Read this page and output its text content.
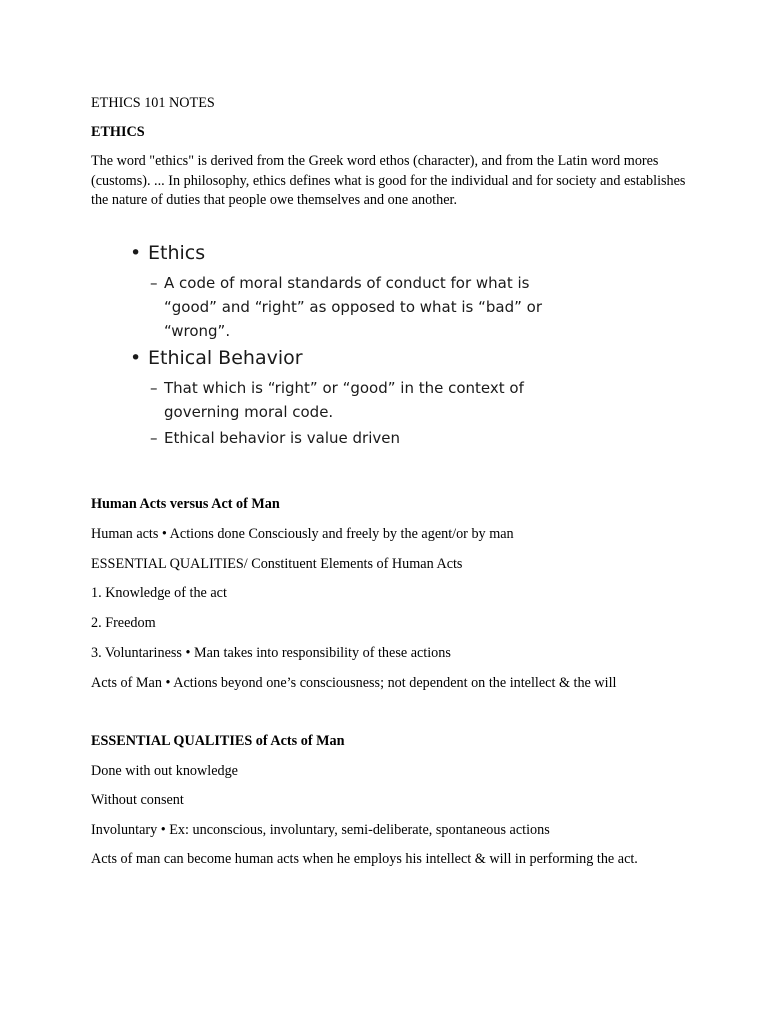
ETHICS 101 NOTES
ETHICS
The word "ethics" is derived from the Greek word ethos (character), and from the Latin word mores (customs). ... In philosophy, ethics defines what is good for the individual and for society and establishes the nature of duties that people owe themselves and one another.
• Ethics
– A code of moral standards of conduct for what is
“good” and “right” as opposed to what is “bad” or
“wrong”.
• Ethical Behavior
– That which is “right” or “good” in the context of
governing moral code.
– Ethical behavior is value driven
Human Acts versus Act of Man
Human acts • Actions done Consciously and freely by the agent/or by man
ESSENTIAL QUALITIES/ Constituent Elements of Human Acts
1. Knowledge of the act
2. Freedom
3. Voluntariness • Man takes into responsibility of these actions
Acts of Man • Actions beyond one’s consciousness; not dependent on the intellect & the will
ESSENTIAL QUALITIES of Acts of Man
Done with out knowledge
Without consent
Involuntary • Ex: unconscious, involuntary, semi-deliberate, spontaneous actions
Acts of man can become human acts when he employs his intellect & will in performing the act.
